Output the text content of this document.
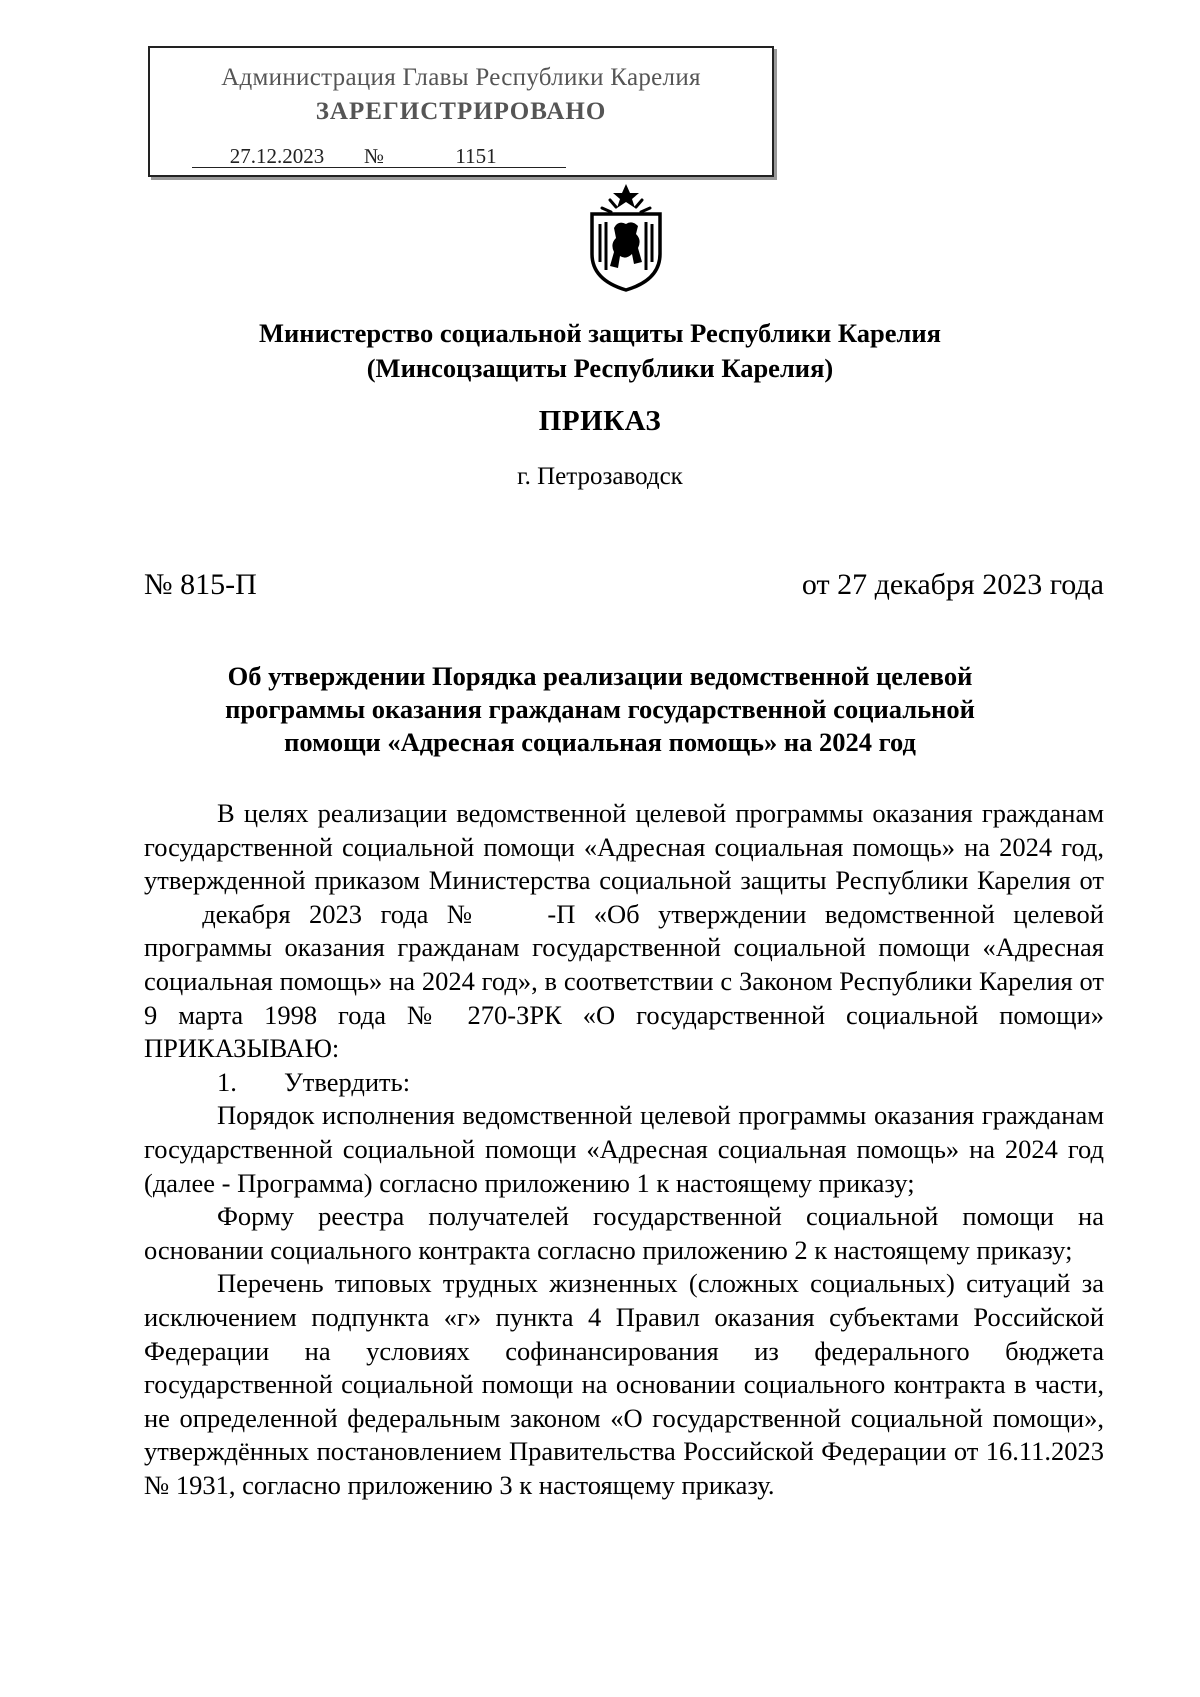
Администрация Главы Республики Карелия
ЗАРЕГИСТРИРОВАНО
27.12.2023 №	1151
Министерство социальной защиты Республики Карелия
(Минсоцзащиты Республики Карелия)
ПРИКАЗ
г. Петрозаводск
№ 815-П	от 27 декабря 2023 года
Об утверждении Порядка реализации ведомственной целевой
программы оказания гражданам государственной социальной
помощи «Адресная социальная помощь» на 2024 год

В целях реализации ведомственной целевой программы оказания гражданам государственной социальной помощи «Адресная социальная помощь» на 2024 год, утвержденной приказом Министерства социальной защиты Республики Карелия от    декабря 2023 года №   -П «Об утверждении ведомственной целевой программы оказания гражданам государственной социальной помощи «Адресная социальная помощь» на 2024 год», в соответствии с Законом Республики Карелия от 9 марта 1998 года № 270-ЗРК «О государственной социальной помощи» ПРИКАЗЫВАЮ:

1. Утвердить:

Порядок исполнения ведомственной целевой программы оказания гражданам государственной социальной помощи «Адресная социальная помощь» на 2024 год (далее - Программа) согласно приложению 1 к настоящему приказу;

Форму реестра получателей государственной социальной помощи на основании социального контракта согласно приложению 2 к настоящему приказу;

Перечень типовых трудных жизненных (сложных социальных) ситуаций за исключением подпункта «г» пункта 4 Правил оказания субъектами Российской Федерации на условиях софинансирования из федерального бюджета государственной социальной помощи на основании социального контракта в части, не определенной федеральным законом «О государственной социальной помощи», утверждённых постановлением Правительства Российской Федерации от 16.11.2023 № 1931, согласно приложению 3 к настоящему приказу.
